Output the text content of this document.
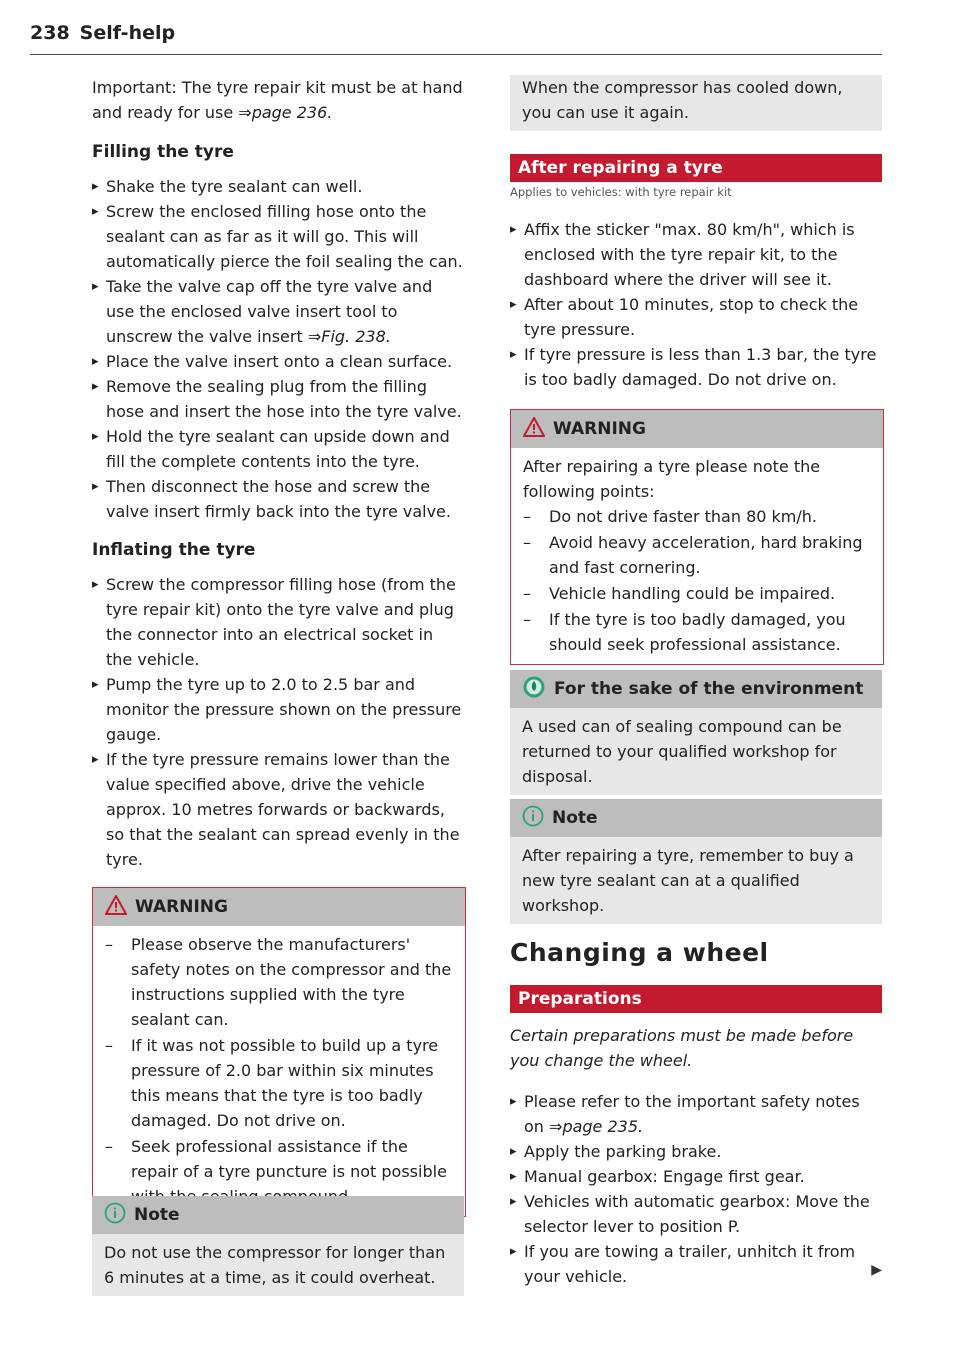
238 Self-help

Important: The tyre repair kit must be at hand and ready for use ⇒page 236.

Filling the tyre
▸ Shake the tyre sealant can well.
▸ Screw the enclosed filling hose onto the sealant can as far as it will go. This will automatically pierce the foil sealing the can.
▸ Take the valve cap off the tyre valve and use the enclosed valve insert tool to unscrew the valve insert ⇒Fig. 238.
▸ Place the valve insert onto a clean surface.
▸ Remove the sealing plug from the filling hose and insert the hose into the tyre valve.
▸ Hold the tyre sealant can upside down and fill the complete contents into the tyre.
▸ Then disconnect the hose and screw the valve insert firmly back into the tyre valve.
Inflating the tyre
▸ Screw the compressor filling hose (from the tyre repair kit) onto the tyre valve and plug the connector into an electrical socket in the vehicle.
▸ Pump the tyre up to 2.0 to 2.5 bar and monitor the pressure shown on the pressure gauge.
▸ If the tyre pressure remains lower than the value specified above, drive the vehicle approx. 10 metres forwards or backwards, so that the sealant can spread evenly in the tyre.
WARNING
– Please observe the manufacturers' safety notes on the compressor and the instructions supplied with the tyre sealant can.
– If it was not possible to build up a tyre pressure of 2.0 bar within six minutes this means that the tyre is too badly damaged. Do not drive on.
– Seek professional assistance if the repair of a tyre puncture is not possible
Note
Do not use the compressor for longer than 6 minutes at a time, as it could overheat.
When the compressor has cooled down, you can use it again.
After repairing a tyre
Applies to vehicles: with tyre repair kit
▸ Affix the sticker "max. 80 km/h", which is enclosed with the tyre repair kit, to the dashboard where the driver will see it.
▸ After about 10 minutes, stop to check the tyre pressure.
▸ If tyre pressure is less than 1.3 bar, the tyre is too badly damaged. Do not drive on.
WARNING
After repairing a tyre please note the following points:
– Do not drive faster than 80 km/h.
– Avoid heavy acceleration, hard braking and fast cornering.
– Vehicle handling could be impaired.
– If the tyre is too badly damaged, you should seek professional assistance.
For the sake of the environment
A used can of sealing compound can be returned to your qualified workshop for disposal.
Note
After repairing a tyre, remember to buy a new tyre sealant can at a qualified workshop.
Changing a wheel
Preparations
Certain preparations must be made before you change the wheel.
▸ Please refer to the important safety notes on ⇒page 235.
▸ Apply the parking brake.
▸ Manual gearbox: Engage first gear.
▸ Vehicles with automatic gearbox: Move the selector lever to position P.
▸ If you are towing a trailer, unhitch it from your vehicle.	▶
